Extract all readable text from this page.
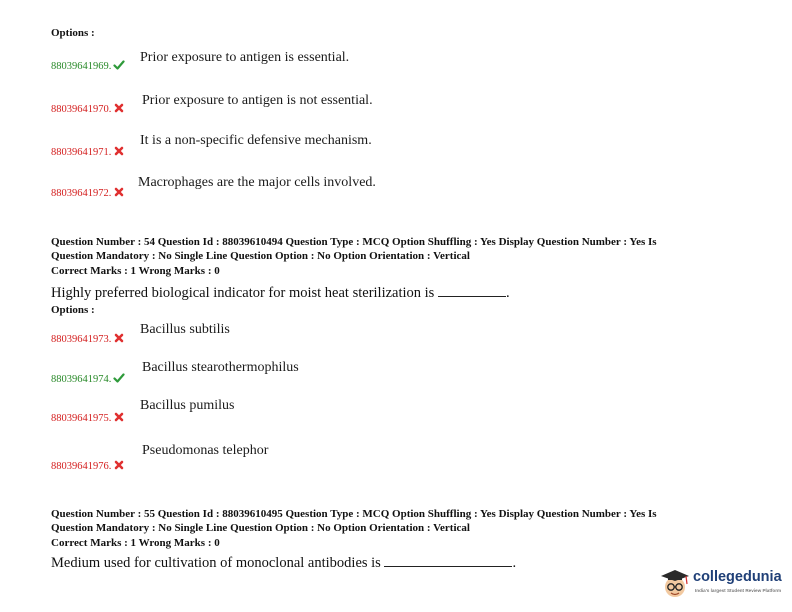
Options :
88039641969.
Prior exposure to antigen is essential.
88039641970.
Prior exposure to antigen is not essential.
88039641971.
It is a non-specific defensive mechanism.
88039641972.
Macrophages are the major cells involved.
Question Number : 54 Question Id : 88039610494 Question Type : MCQ Option Shuffling : Yes Display Question Number : Yes Is
Question Mandatory : No Single Line Question Option : No Option Orientation : Vertical
Correct Marks : 1 Wrong Marks : 0
Highly preferred biological indicator for moist heat sterilization is	.
Options :
88039641973.
Bacillus subtilis
88039641974.
Bacillus stearothermophilus
88039641975.
Bacillus pumilus
88039641976.
Pseudomonas telephor
Question Number : 55 Question Id : 88039610495 Question Type : MCQ Option Shuffling : Yes Display Question Number : Yes Is
Question Mandatory : No Single Line Question Option : No Option Orientation : Vertical
Correct Marks : 1 Wrong Marks : 0
Medium used for cultivation of monoclonal antibodies is	.
collegedunia
India's largest Student Review Platform
